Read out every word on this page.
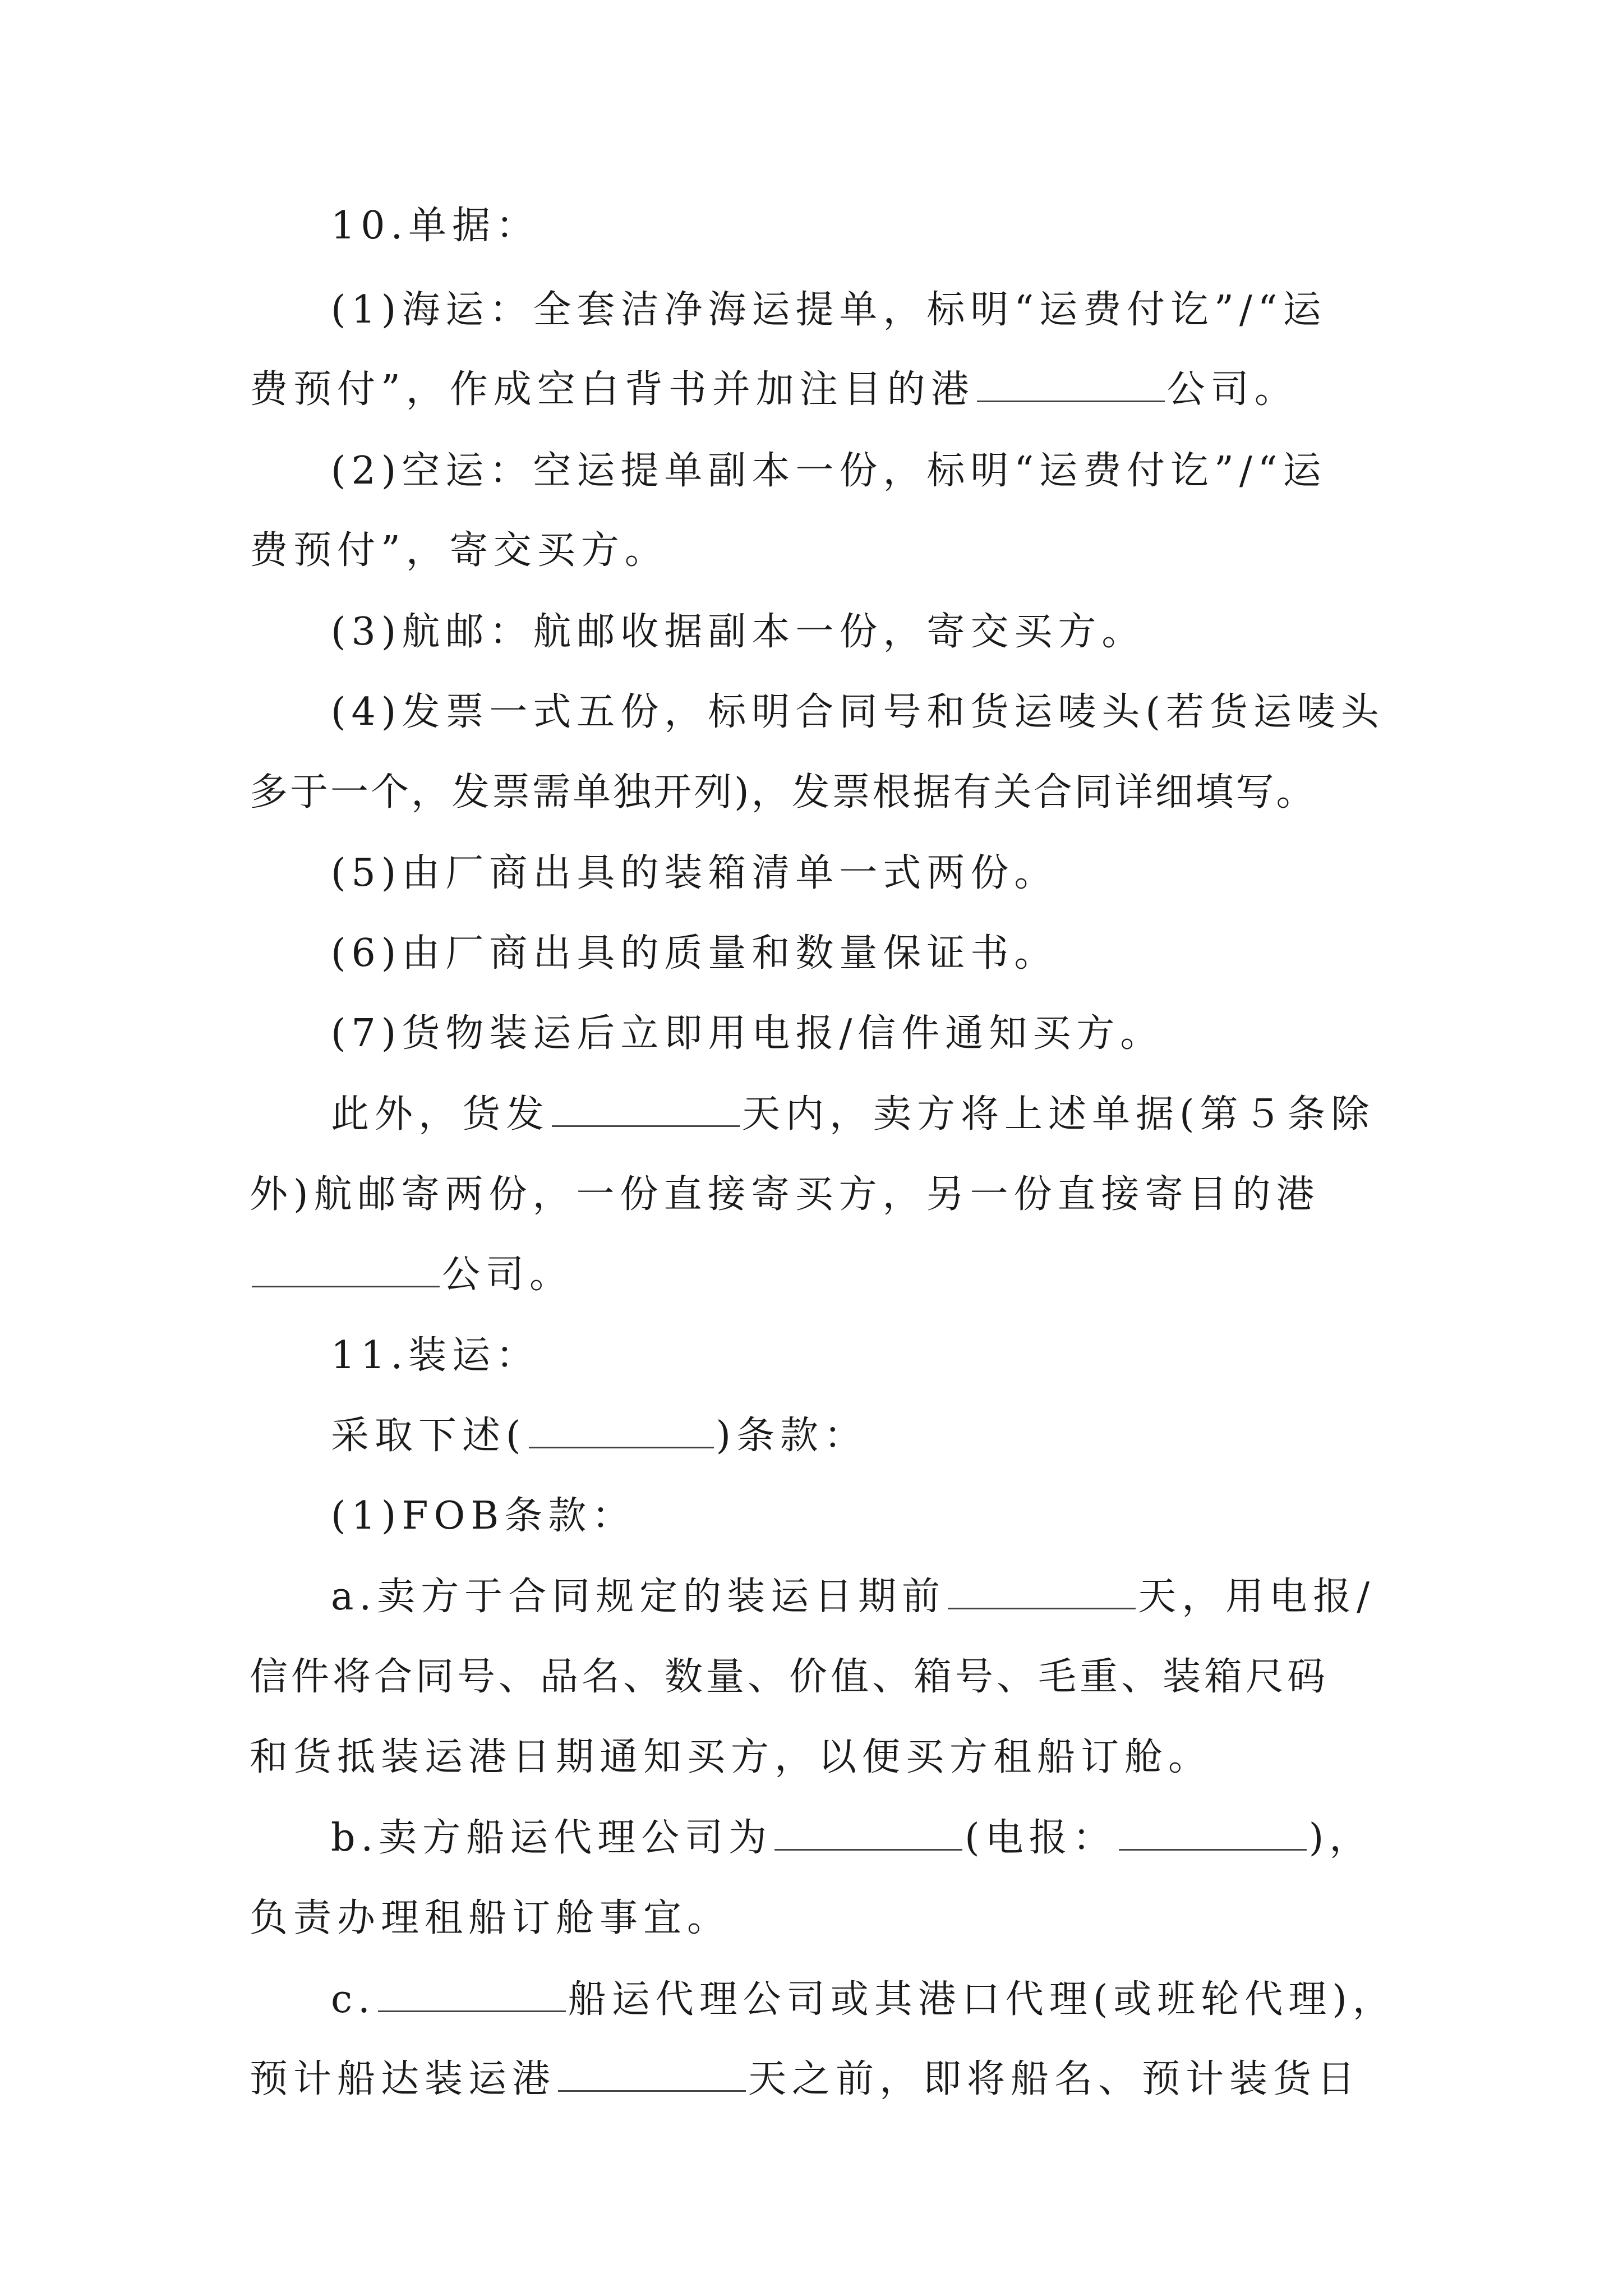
10.单据：
(1)海运：全套洁净海运提单，标明“运费付讫”/“运
费预付”，作成空白背书并加注目的港	公司。
(2)空运：空运提单副本一份，标明“运费付讫”/“运
费预付”，寄交买方。
(3)航邮：航邮收据副本一份，寄交买方。
(4)发票一式五份，标明合同号和货运唛头(若货运唛头
多于一个，发票需单独开列)，发票根据有关合同详细填写。
(5)由厂商出具的装箱清单一式两份。
(6)由厂商出具的质量和数量保证书。
(7)货物装运后立即用电报/信件通知买方。
此外，货发	天内，卖方将上述单据(第５条除
外)航邮寄两份，一份直接寄买方，另一份直接寄目的港
公司。
11.装运：
采取下述(	)条款：
(1)FOB条款：
a.卖方于合同规定的装运日期前	天，用电报/
信件将合同号、品名、数量、价值、箱号、毛重、装箱尺码
和货抵装运港日期通知买方，以便买方租船订舱。
b.卖方船运代理公司为	(电报：	)，
负责办理租船订舱事宜。
c.	船运代理公司或其港口代理(或班轮代理)，
预计船达装运港	天之前，即将船名、预计装货日
